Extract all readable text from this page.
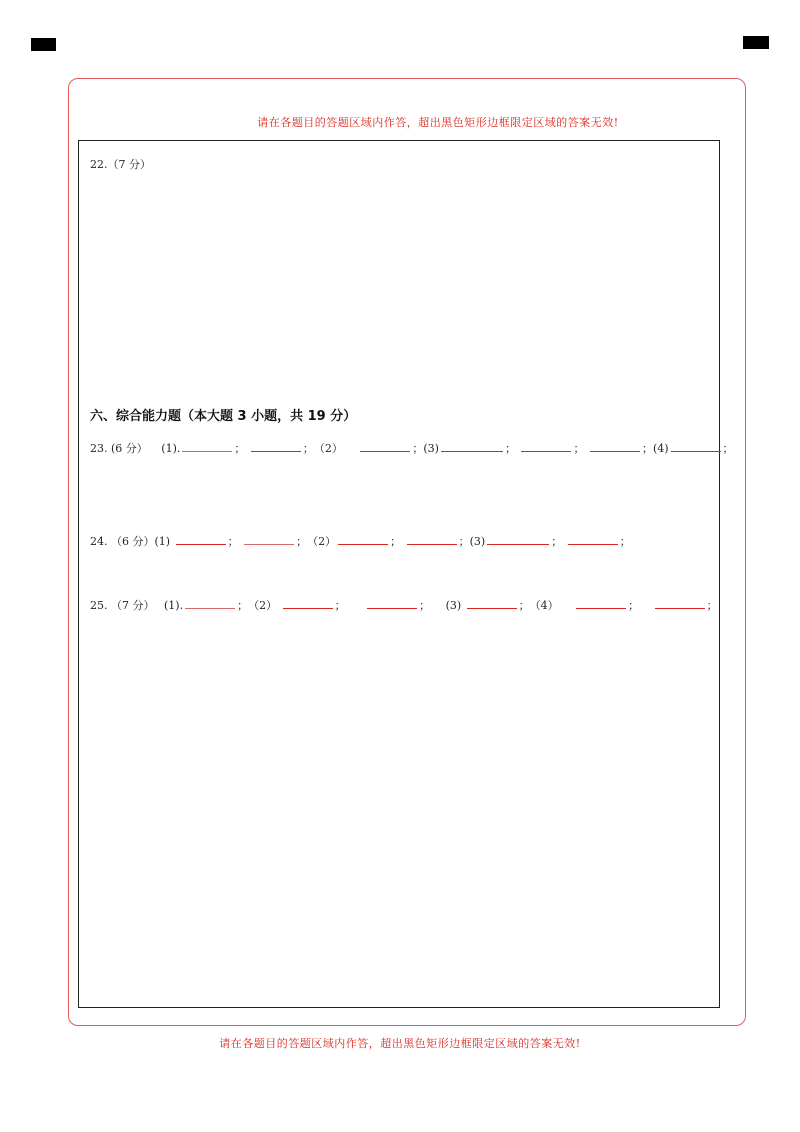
请在各题目的答题区域内作答，超出黑色矩形边框限定区域的答案无效!
22.（7 分）
六、综合能力题（本大题 3 小题，共 19 分）
23. (6 分） (1).	；	；（2）	；(3)	；	；	；(4)	；
24. （6 分）(1)	；	；（2）	；	；(3)	；	；
25. （7 分） (1).	；（2）	；	； (3)	；（4）	；	；
请在各题目的答题区域内作答，超出黑色矩形边框限定区域的答案无效!
